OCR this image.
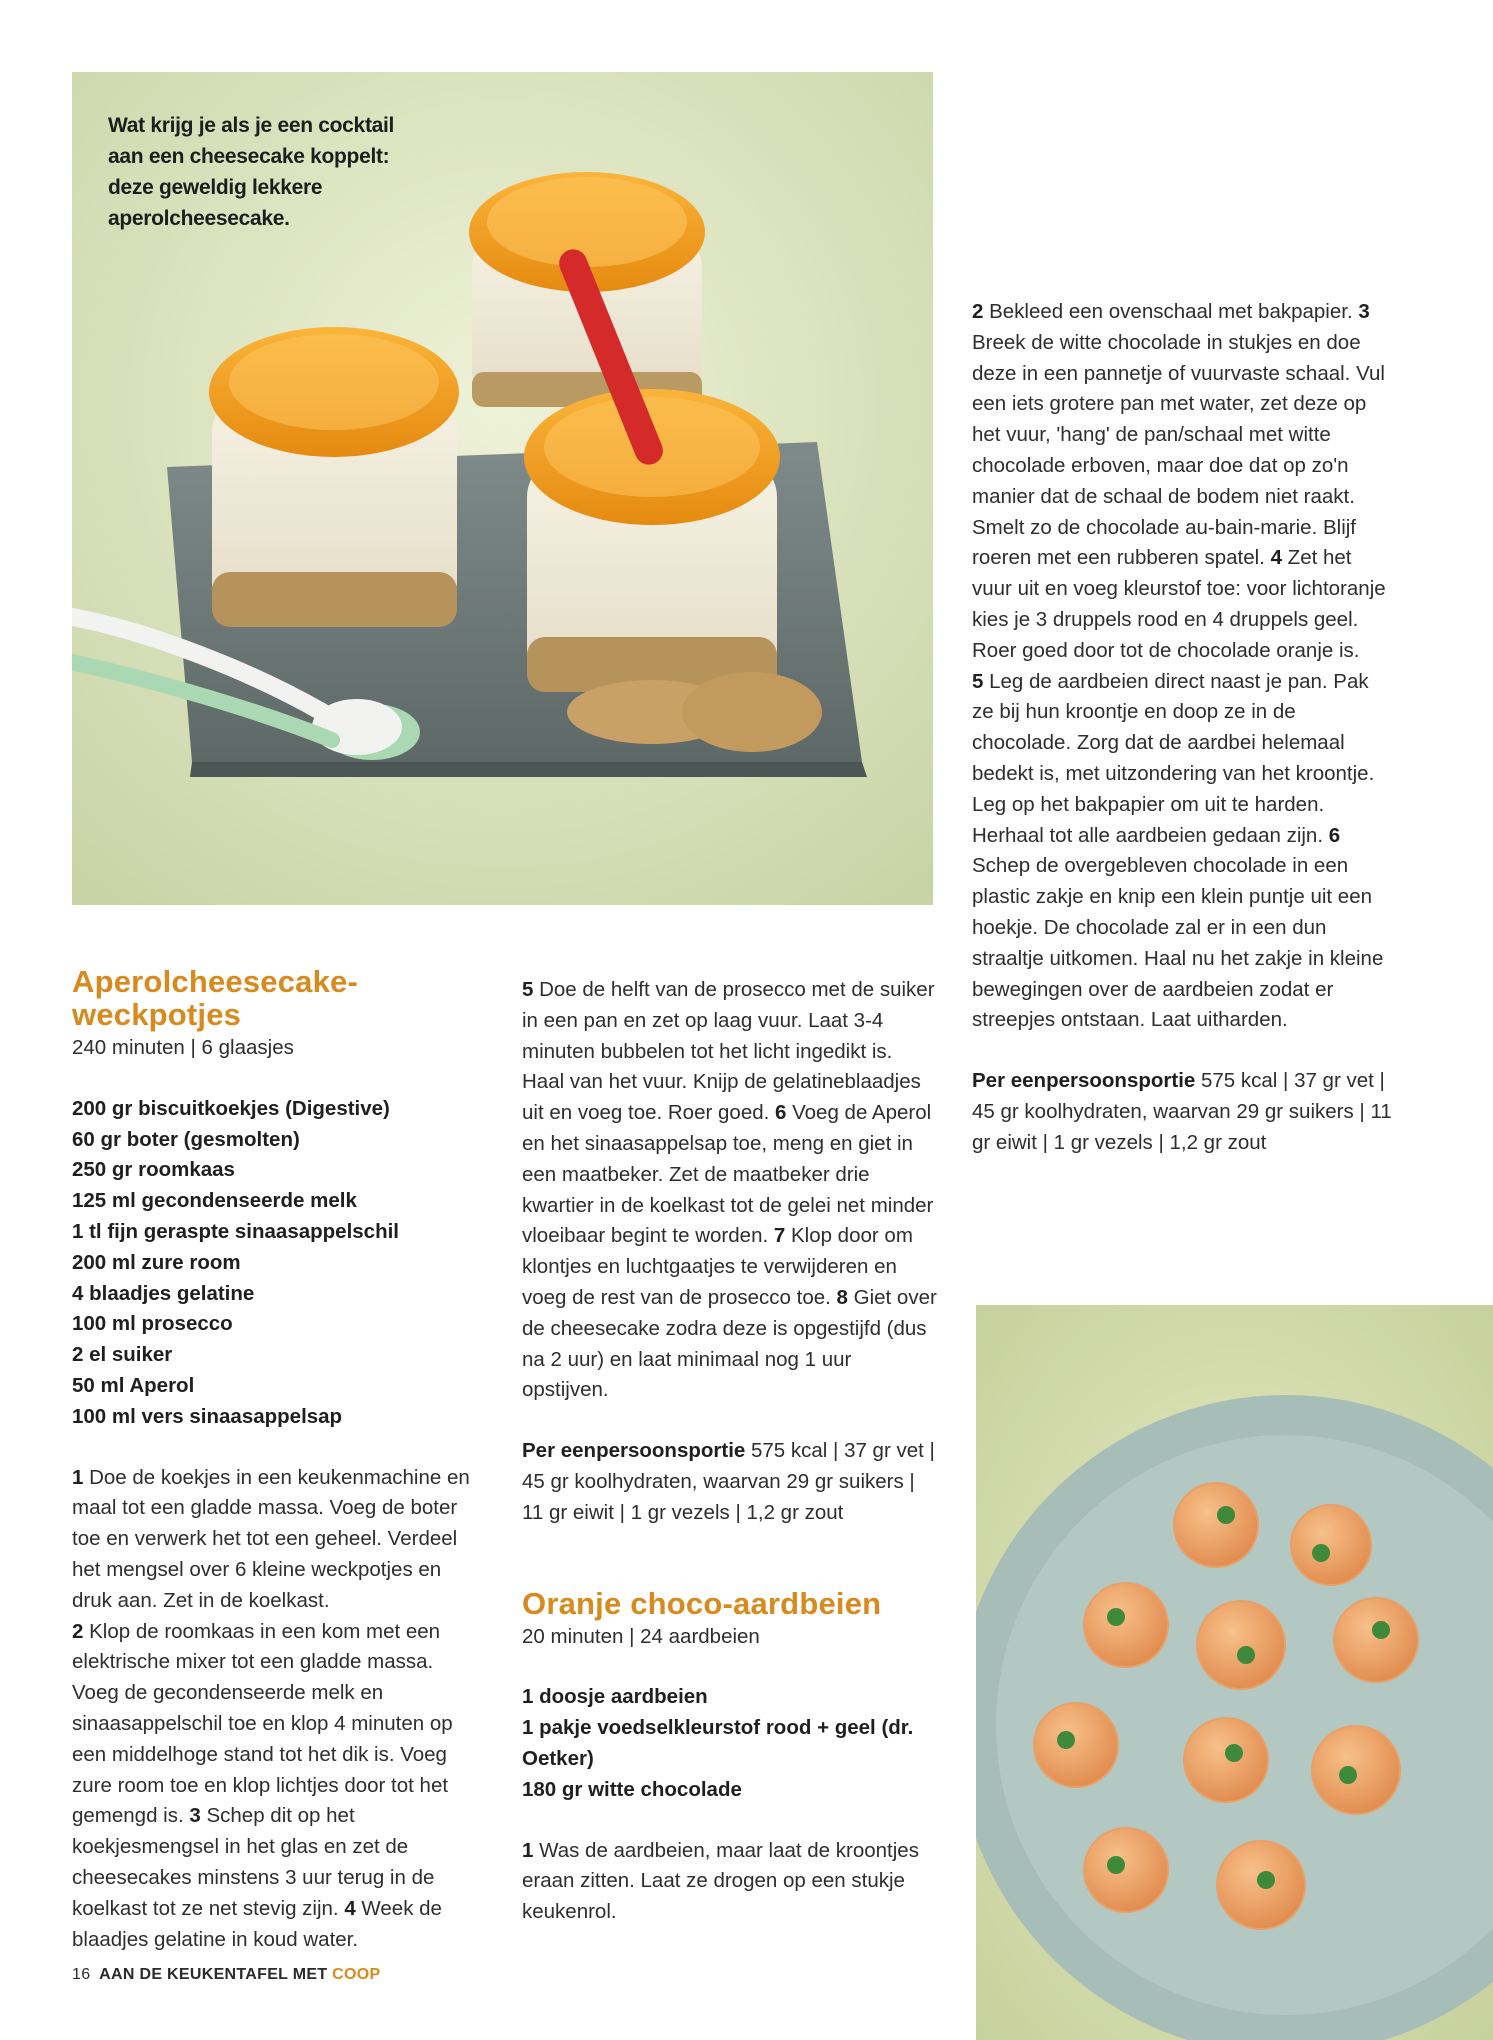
Wat krijg je als je een cocktail aan een cheesecake koppelt: deze geweldig lekkere aperolcheesecake.
Aperolcheesecake-
weckpotjes

240 minuten | 6 glaasjes

200 gr biscuitkoekjes (Digestive)
60 gr boter (gesmolten)
250 gr roomkaas
125 ml gecondenseerde melk
1 tl fijn geraspte sinaasappelschil
200 ml zure room
4 blaadjes gelatine
100 ml prosecco
2 el suiker
50 ml Aperol
100 ml vers sinaasappelsap

1 Doe de koekjes in een keukenmachine en maal tot een gladde massa. Voeg de boter toe en verwerk het tot een geheel. Verdeel het mengsel over 6 kleine weckpotjes en druk aan. Zet in de koelkast.

2 Klop de roomkaas in een kom met een elektrische mixer tot een gladde massa. Voeg de gecondenseerde melk en sinaasappelschil toe en klop 4 minuten op een middelhoge stand tot het dik is. Voeg zure room toe en klop lichtjes door tot het gemengd is. 3 Schep dit op het koekjesmengsel in het glas en zet de cheesecakes minstens 3 uur terug in de koelkast tot ze net stevig zijn. 4 Week de blaadjes gelatine in koud water.

5 Doe de helft van de prosecco met de suiker in een pan en zet op laag vuur. Laat 3-4 minuten bubbelen tot het licht ingedikt is. Haal van het vuur. Knijp de gelatineblaadjes uit en voeg toe. Roer goed. 6 Voeg de Aperol en het sinaasappelsap toe, meng en giet in een maatbeker. Zet de maatbeker drie kwartier in de koelkast tot de gelei net minder vloeibaar begint te worden. 7 Klop door om klontjes en luchtgaatjes te verwijderen en voeg de rest van de prosecco toe. 8 Giet over de cheesecake zodra deze is opgestijfd (dus na 2 uur) en laat minimaal nog 1 uur opstijven.

Per eenpersoonsportie 575 kcal | 37 gr vet | 45 gr koolhydraten, waarvan 29 gr suikers | 11 gr eiwit | 1 gr vezels | 1,2 gr zout

Oranje choco-aardbeien

20 minuten | 24 aardbeien

1 doosje aardbeien
1 pakje voedselkleurstof rood + geel (dr. Oetker)
180 gr witte chocolade

1 Was de aardbeien, maar laat de kroontjes eraan zitten. Laat ze drogen op een stukje keukenrol.

2 Bekleed een ovenschaal met bakpapier. 3 Breek de witte chocolade in stukjes en doe deze in een pannetje of vuurvaste schaal. Vul een iets grotere pan met water, zet deze op het vuur, 'hang' de pan/schaal met witte chocolade erboven, maar doe dat op zo'n manier dat de schaal de bodem niet raakt. Smelt zo de chocolade au-bain-marie. Blijf roeren met een rubberen spatel. 4 Zet het vuur uit en voeg kleurstof toe: voor lichtoranje kies je 3 druppels rood en 4 druppels geel. Roer goed door tot de chocolade oranje is.

5 Leg de aardbeien direct naast je pan. Pak ze bij hun kroontje en doop ze in de chocolade. Zorg dat de aardbei helemaal bedekt is, met uitzondering van het kroontje. Leg op het bakpapier om uit te harden. Herhaal tot alle aardbeien gedaan zijn. 6 Schep de overgebleven chocolade in een plastic zakje en knip een klein puntje uit een hoekje. De chocolade zal er in een dun straaltje uitkomen. Haal nu het zakje in kleine bewegingen over de aardbeien zodat er streepjes ontstaan. Laat uitharden.

Per eenpersoonsportie 575 kcal | 37 gr vet | 45 gr koolhydraten, waarvan 29 gr suikers | 11 gr eiwit | 1 gr vezels | 1,2 gr zout

16 AAN DE KEUKENTAFEL MET COOP
